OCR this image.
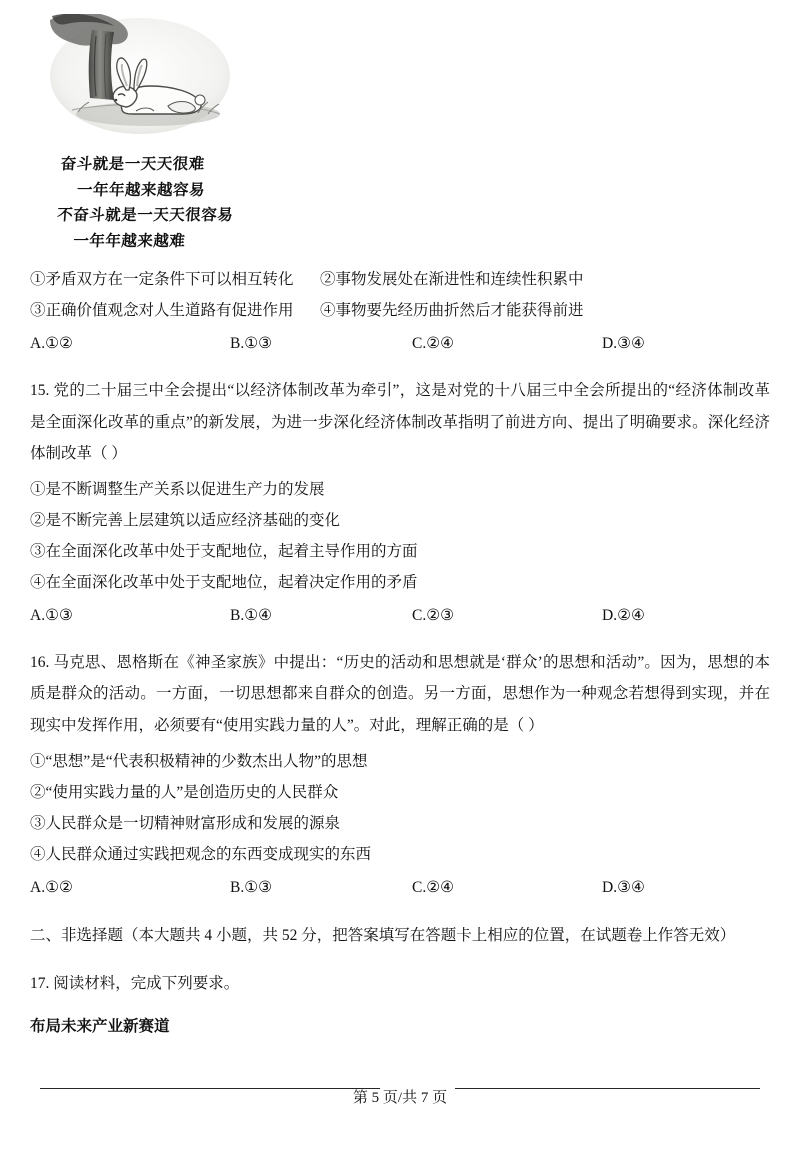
奋斗就是一天天很难
一年年越来越容易
不奋斗就是一天天很容易
一年年越来越难
①矛盾双方在一定条件下可以相互转化	②事物发展处在渐进性和连续性积累中
③正确价值观念对人生道路有促进作用	④事物要先经历曲折然后才能获得前进
A.①②	B.①③	C.②④	D.③④

15. 党的二十届三中全会提出“以经济体制改革为牵引”，这是对党的十八届三中全会所提出的“经济体制改革是全面深化改革的重点”的新发展，为进一步深化经济体制改革指明了前进方向、提出了明确要求。深化经济体制改革（ ）

①是不断调整生产关系以促进生产力的发展

②是不断完善上层建筑以适应经济基础的变化

③在全面深化改革中处于支配地位，起着主导作用的方面

④在全面深化改革中处于支配地位，起着决定作用的矛盾

A.①③	B.①④	C.②③	D.②④

16. 马克思、恩格斯在《神圣家族》中提出：“历史的活动和思想就是‘群众’的思想和活动”。因为，思想的本质是群众的活动。一方面，一切思想都来自群众的创造。另一方面，思想作为一种观念若想得到实现，并在现实中发挥作用，必须要有“使用实践力量的人”。对此，理解正确的是（ ）

①“思想”是“代表积极精神的少数杰出人物”的思想

②“使用实践力量的人”是创造历史的人民群众

③人民群众是一切精神财富形成和发展的源泉

④人民群众通过实践把观念的东西变成现实的东西

A.①②	B.①③	C.②④	D.③④

二、非选择题（本大题共 4 小题，共 52 分，把答案填写在答题卡上相应的位置，在试题卷上作答无效）

17. 阅读材料，完成下列要求。

布局未来产业新赛道

第 5 页/共 7 页
